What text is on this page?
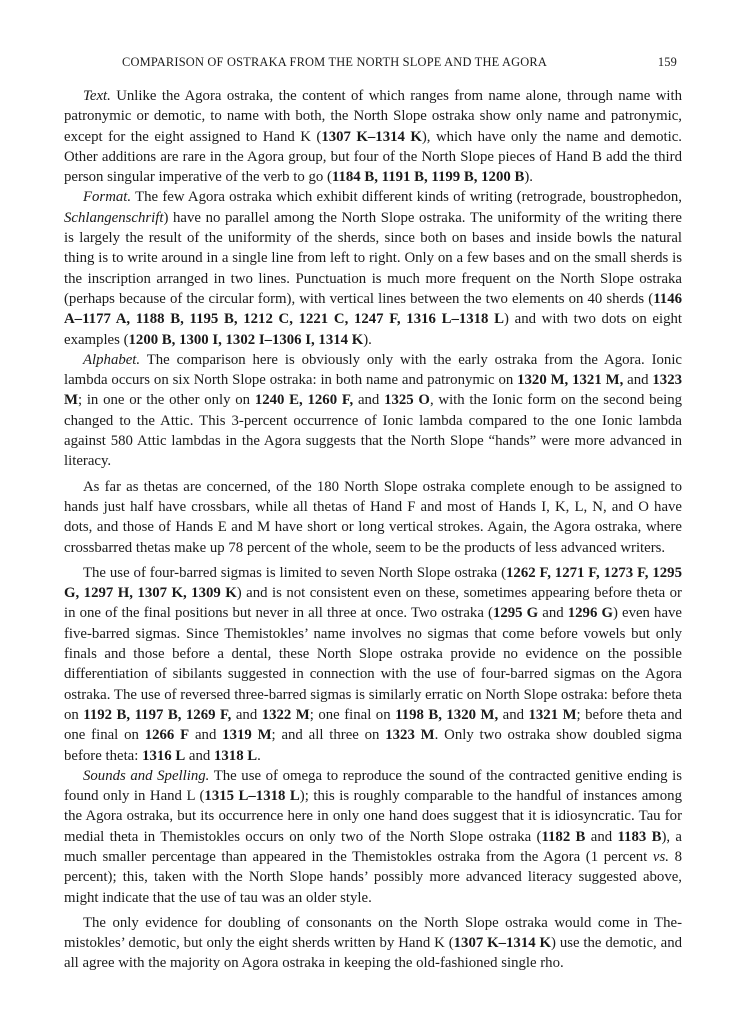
COMPARISON OF OSTRAKA FROM THE NORTH SLOPE AND THE AGORA	159

Text. Unlike the Agora ostraka, the content of which ranges from name alone, through name with patronymic or demotic, to name with both, the North Slope ostraka show only name and patronymic, except for the eight assigned to Hand K (1307 K–1314 K), which have only the name and demotic. Other additions are rare in the Agora group, but four of the North Slope pieces of Hand B add the third person singular imperative of the verb to go (1184 B, 1191 B, 1199 B, 1200 B).

Format. The few Agora ostraka which exhibit different kinds of writing (retrograde, boustrophedon, Schlangenschrift) have no parallel among the North Slope ostraka. The uniformity of the writing there is largely the result of the uniformity of the sherds, since both on bases and inside bowls the natural thing is to write around in a single line from left to right. Only on a few bases and on the small sherds is the inscription arranged in two lines. Punctuation is much more frequent on the North Slope ostraka (perhaps because of the circular form), with vertical lines between the two elements on 40 sherds (1146 A–1177 A, 1188 B, 1195 B, 1212 C, 1221 C, 1247 F, 1316 L–1318 L) and with two dots on eight examples (1200 B, 1300 I, 1302 I–1306 I, 1314 K).

Alphabet. The comparison here is obviously only with the early ostraka from the Agora. Ionic lambda occurs on six North Slope ostraka: in both name and patronymic on 1320 M, 1321 M, and 1323 M; in one or the other only on 1240 E, 1260 F, and 1325 O, with the Ionic form on the second being changed to the Attic. This 3-percent occurrence of Ionic lambda compared to the one Ionic lambda against 580 Attic lambdas in the Agora suggests that the North Slope “hands” were more advanced in literacy.

As far as thetas are concerned, of the 180 North Slope ostraka complete enough to be assigned to hands just half have crossbars, while all thetas of Hand F and most of Hands I, K, L, N, and O have dots, and those of Hands E and M have short or long vertical strokes. Again, the Agora ostraka, where crossbarred thetas make up 78 percent of the whole, seem to be the products of less advanced writers.

The use of four-barred sigmas is limited to seven North Slope ostraka (1262 F, 1271 F, 1273 F, 1295 G, 1297 H, 1307 K, 1309 K) and is not consistent even on these, sometimes appearing before theta or in one of the final positions but never in all three at once. Two ostraka (1295 G and 1296 G) even have five-barred sigmas. Since Themistokles’ name involves no sigmas that come before vowels but only finals and those before a dental, these North Slope ostraka provide no evidence on the possible differentiation of sibilants suggested in connection with the use of four-barred sigmas on the Agora ostraka. The use of reversed three-barred sigmas is similarly erratic on North Slope ostraka: before theta on 1192 B, 1197 B, 1269 F, and 1322 M; one final on 1198 B, 1320 M, and 1321 M; before theta and one final on 1266 F and 1319 M; and all three on 1323 M. Only two ostraka show doubled sigma before theta: 1316 L and 1318 L.

Sounds and Spelling. The use of omega to reproduce the sound of the contracted genitive ending is found only in Hand L (1315 L–1318 L); this is roughly comparable to the handful of instances among the Agora ostraka, but its occurrence here in only one hand does suggest that it is idiosyncratic. Tau for medial theta in Themistokles occurs on only two of the North Slope ostraka (1182 B and 1183 B), a much smaller percentage than appeared in the Themistokles ostraka from the Agora (1 percent vs. 8 percent); this, taken with the North Slope hands’ possibly more advanced literacy suggested above, might indicate that the use of tau was an older style.

The only evidence for doubling of consonants on the North Slope ostraka would come in Themistokles’ demotic, but only the eight sherds written by Hand K (1307 K–1314 K) use the demotic, and all agree with the majority on Agora ostraka in keeping the old-fashioned single rho.
